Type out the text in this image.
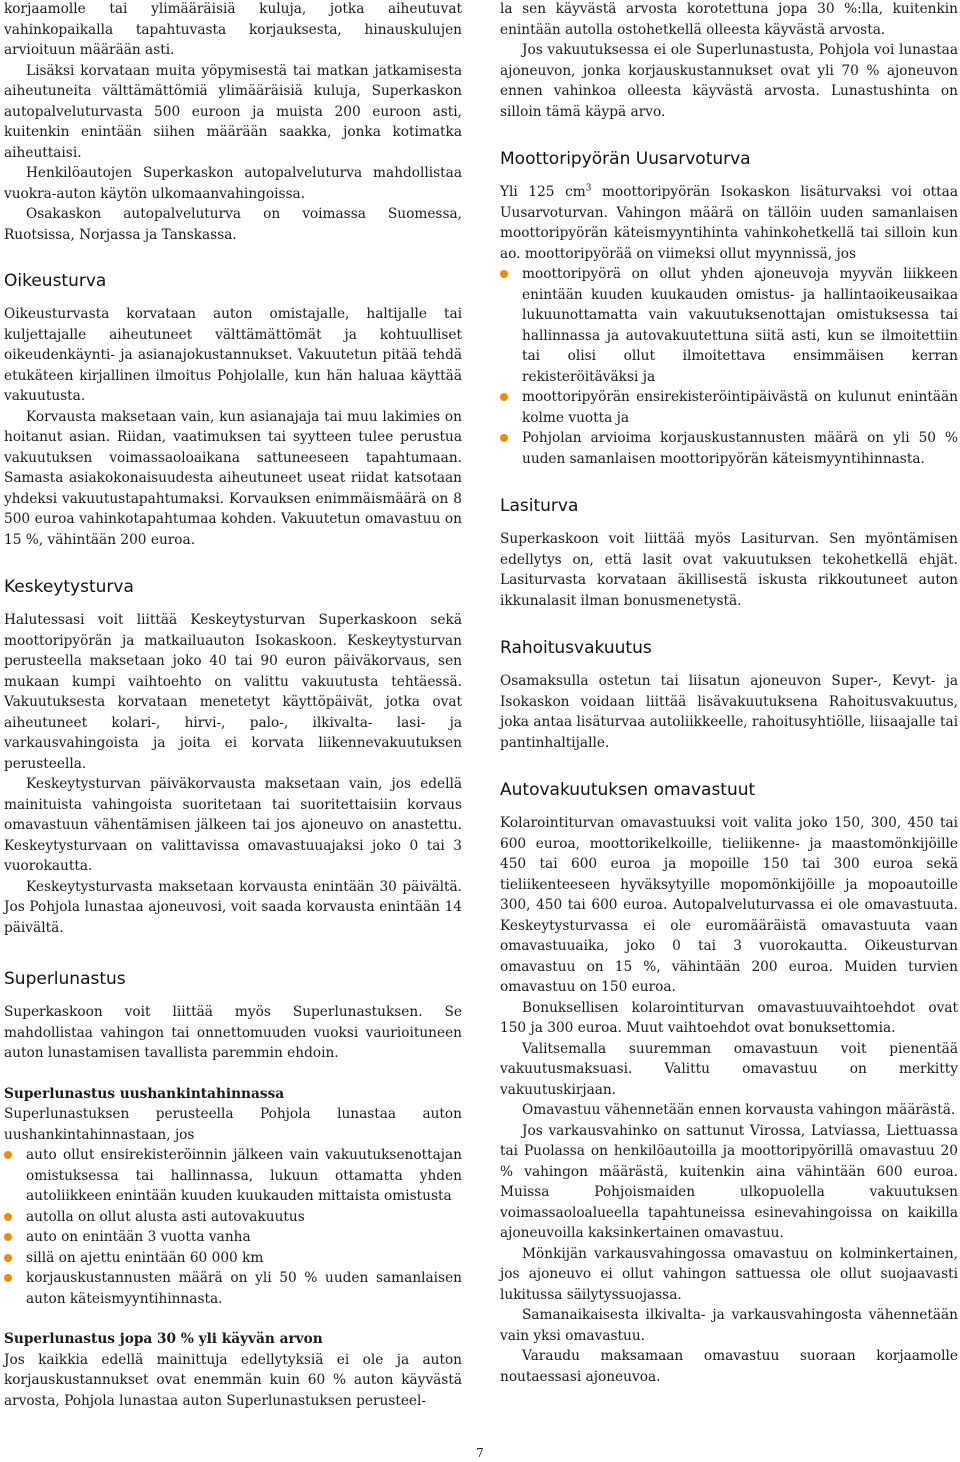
korjaamolle tai ylimääräisiä kuluja, jotka aiheutuvat vahinkopaikalla tapahtuvasta korjauksesta, hinauskulujen arvioituun määrään asti.

Lisäksi korvataan muita yöpymisestä tai matkan jatkamisesta aiheutuneita välttämättömiä ylimääräisiä kuluja, Superkaskon autopalveluturvasta 500 euroon ja muista 200 euroon asti, kuitenkin enintään siihen määrään saakka, jonka kotimatka aiheuttaisi.

Henkilöautojen Superkaskon autopalveluturva mahdollistaa vuokra-auton käytön ulkomaanvahingoissa.

Osakaskon autopalveluturva on voimassa Suomessa, Ruotsissa, Norjassa ja Tanskassa.

Oikeusturva

Oikeusturvasta korvataan auton omistajalle, haltijalle tai kuljettajalle aiheutuneet välttämättömät ja kohtuulliset oikeudenkäynti- ja asianajokustannukset. Vakuutetun pitää tehdä etukäteen kirjallinen ilmoitus Pohjolalle, kun hän haluaa käyttää vakuutusta.

Korvausta maksetaan vain, kun asianajaja tai muu lakimies on hoitanut asian. Riidan, vaatimuksen tai syytteen tulee perustua vakuutuksen voimassaoloaikana sattuneeseen tapahtumaan. Samasta asiakokonaisuudesta aiheutuneet useat riidat katsotaan yhdeksi vakuutustapahtumaksi. Korvauksen enimmäismäärä on 8 500 euroa vahinkotapahtumaa kohden. Vakuutetun omavastuu on 15 %, vähintään 200 euroa.

Keskeytysturva

Halutessasi voit liittää Keskeytysturvan Superkaskoon sekä moottoripyörän ja matkailuauton Isokaskoon. Keskeytysturvan perusteella maksetaan joko 40 tai 90 euron päiväkorvaus, sen mukaan kumpi vaihtoehto on valittu vakuutusta tehtäessä. Vakuutuksesta korvataan menetetyt käyttöpäivät, jotka ovat aiheutuneet kolari-, hirvi-, palo-, ilkivalta- lasi- ja varkausvahingoista ja joita ei korvata liikennevakuutuksen perusteella.

Keskeytysturvan päiväkorvausta maksetaan vain, jos edellä mainituista vahingoista suoritetaan tai suoritettaisiin korvaus omavastuun vähentämisen jälkeen tai jos ajoneuvo on anastettu. Keskeytysturvaan on valittavissa omavastuuajaksi joko 0 tai 3 vuorokautta.

Keskeytysturvasta maksetaan korvausta enintään 30 päivältä. Jos Pohjola lunastaa ajoneuvosi, voit saada korvausta enintään 14 päivältä.

Superlunastus

Superkaskoon voit liittää myös Superlunastuksen. Se mahdollistaa vahingon tai onnettomuuden vuoksi vaurioituneen auton lunastamisen tavallista paremmin ehdoin.

Superlunastus uushankintahinnassa

Superlunastuksen perusteella Pohjola lunastaa auton uushankintahinnastaan, jos

auto ollut ensirekisteröinnin jälkeen vain vakuutuksenottajan omistuksessa tai hallinnassa, lukuun ottamatta yhden autoliikkeen enintään kuuden kuukauden mittaista omistusta
autolla on ollut alusta asti autovakuutus
auto on enintään 3 vuotta vanha
sillä on ajettu enintään 60 000 km
korjauskustannusten määrä on yli 50 % uuden samanlaisen auton käteismyyntihinnasta.
Superlunastus jopa 30 % yli käyvän arvon

Jos kaikkia edellä mainittuja edellytyksiä ei ole ja auton korjauskustannukset ovat enemmän kuin 60 % auton käyvästä arvosta, Pohjola lunastaa auton Superlunastuksen perusteel-

la sen käyvästä arvosta korotettuna jopa 30 %:lla, kuitenkin enintään autolla ostohetkellä olleesta käyvästä arvosta.

Jos vakuutuksessa ei ole Superlunastusta, Pohjola voi lunastaa ajoneuvon, jonka korjauskustannukset ovat yli 70 % ajoneuvon ennen vahinkoa olleesta käyvästä arvosta. Lunastushinta on silloin tämä käypä arvo.

Moottoripyörän Uusarvoturva

Yli 125 $cm^3$ moottoripyörän Isokaskon lisäturvaksi voi ottaa Uusarvoturvan. Vahingon määrä on tällöin uuden samanlaisen moottoripyörän käteismyyntihinta vahinkohetkellä tai silloin kun ao. moottoripyörää on viimeksi ollut myynnissä, jos

moottoripyörä on ollut yhden ajoneuvoja myyvän liikkeen enintään kuuden kuukauden omistus- ja hallintaoikeusaikaa lukuunottamatta vain vakuutuksenottajan omistuksessa tai hallinnassa ja autovakuutettuna siitä asti, kun se ilmoitettiin tai olisi ollut ilmoitettava ensimmäisen kerran rekisteröitäväksi ja
moottoripyörän ensirekisteröintipäivästä on kulunut enintään kolme vuotta ja
Pohjolan arvioima korjauskustannusten määrä on yli 50 % uuden samanlaisen moottoripyörän käteismyyntihinnasta.
Lasiturva

Superkaskoon voit liittää myös Lasiturvan. Sen myöntämisen edellytys on, että lasit ovat vakuutuksen tekohetkellä ehjät. Lasiturvasta korvataan äkillisestä iskusta rikkoutuneet auton ikkunalasit ilman bonusmenetystä.

Rahoitusvakuutus

Osamaksulla ostetun tai liisatun ajoneuvon Super-, Kevyt- ja Isokaskon voidaan liittää lisävakuutuksena Rahoitusvakuutus, joka antaa lisäturvaa autoliikkeelle, rahoitusyhtiölle, liisaajalle tai pantinhaltijalle.

Autovakuutuksen omavastuut

Kolarointiturvan omavastuuksi voit valita joko 150, 300, 450 tai 600 euroa, moottorikelkoille, tieliikenne- ja maastomönkijöille 450 tai 600 euroa ja mopoille 150 tai 300 euroa sekä tieliikenteeseen hyväksytyille mopomönkijöille ja mopoautoille 300, 450 tai 600 euroa. Autopalveluturvassa ei ole omavastuuta. Keskeytysturvassa ei ole euromääräistä omavastuuta vaan omavastuuaika, joko 0 tai 3 vuorokautta. Oikeusturvan omavastuu on 15 %, vähintään 200 euroa. Muiden turvien omavastuu on 150 euroa.

Bonuksellisen kolarointiturvan omavastuuvaihtoehdot ovat 150 ja 300 euroa. Muut vaihtoehdot ovat bonuksettomia.

Valitsemalla suuremman omavastuun voit pienentää vakuutusmaksuasi. Valittu omavastuu on merkitty vakuutuskirjaan.

Omavastuu vähennetään ennen korvausta vahingon määrästä.

Jos varkausvahinko on sattunut Virossa, Latviassa, Liettuassa tai Puolassa on henkilöautoilla ja moottoripyörillä omavastuu 20 % vahingon määrästä, kuitenkin aina vähintään 600 euroa. Muissa Pohjoismaiden ulkopuolella vakuutuksen voimassaoloalueella tapahtuneissa esinevahingoissa on kaikilla ajoneuvoilla kaksinkertainen omavastuu.

Mönkijän varkausvahingossa omavastuu on kolminkertainen, jos ajoneuvo ei ollut vahingon sattuessa ole ollut suojaavasti lukitussa säilytyssuojassa.

Samanaikaisesta ilkivalta- ja varkausvahingosta vähennetään vain yksi omavastuu.

Varaudu maksamaan omavastuu suoraan korjaamolle noutaessasi ajoneuvoa.

7
